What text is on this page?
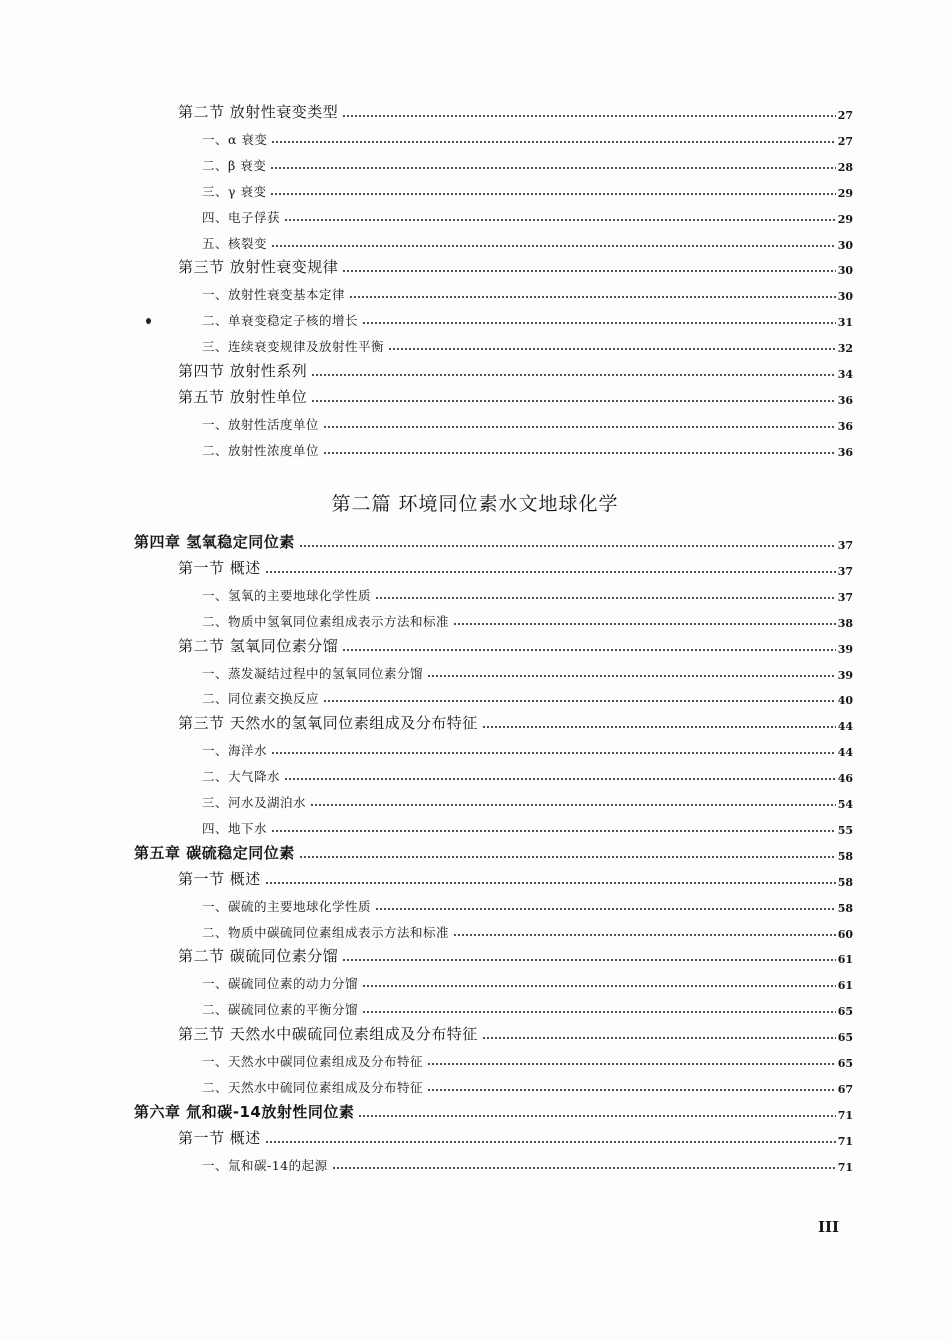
第二节 放射性衰变类型	27
一、α 衰变	27
二、β 衰变	28
三、γ 衰变	29
四、电子俘获	29
五、核裂变	30
第三节 放射性衰变规律	30
一、放射性衰变基本定律	30
二、单衰变稳定子核的增长	31
三、连续衰变规律及放射性平衡	32
第四节 放射性系列	34
第五节 放射性单位	36
一、放射性活度单位	36
二、放射性浓度单位	36
第四章 氢氧稳定同位素	37
第一节 概述	37
一、氢氧的主要地球化学性质	37
二、物质中氢氧同位素组成表示方法和标准	38
第二节 氢氧同位素分馏	39
一、蒸发凝结过程中的氢氧同位素分馏	39
二、同位素交换反应	40
第三节 天然水的氢氧同位素组成及分布特征	44
一、海洋水	44
二、大气降水	46
三、河水及湖泊水	54
四、地下水	55
第五章 碳硫稳定同位素	58
第一节 概述	58
一、碳硫的主要地球化学性质	58
二、物质中碳硫同位素组成表示方法和标准	60
第二节 碳硫同位素分馏	61
一、碳硫同位素的动力分馏	61
二、碳硫同位素的平衡分馏	65
第三节 天然水中碳硫同位素组成及分布特征	65
一、天然水中碳同位素组成及分布特征	65
二、天然水中硫同位素组成及分布特征	67
第六章 氚和碳-14放射性同位素	71
第一节 概述	71
一、氚和碳-14的起源	71
第二篇 环境同位素水文地球化学
III
